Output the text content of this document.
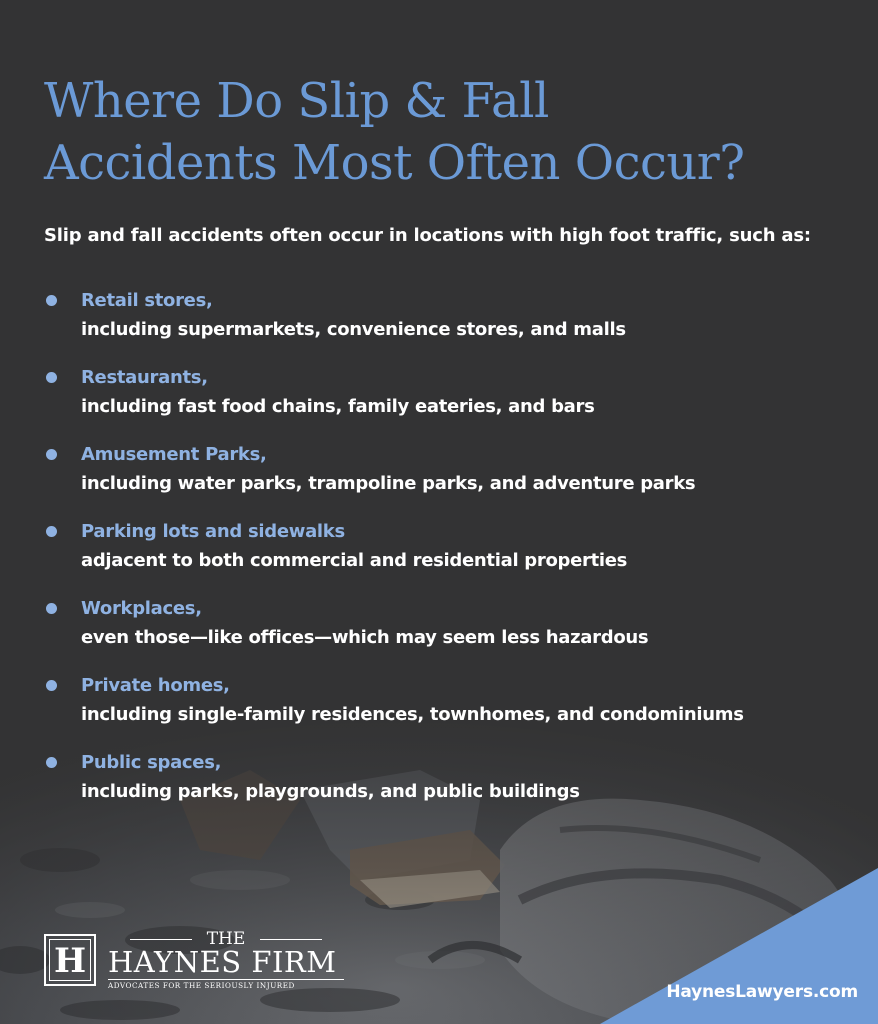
Where Do Slip & Fall
Accidents Most Often Occur?

Slip and fall accidents often occur in locations with high foot traffic, such as:

Retail stores,
including supermarkets, convenience stores, and malls
Restaurants,
including fast food chains, family eateries, and bars
Amusement Parks,
including water parks, trampoline parks, and adventure parks
Parking lots and sidewalks
adjacent to both commercial and residential properties
Workplaces,
even those—like offices—which may seem less hazardous
Private homes,
including single-family residences, townhomes, and condominiums
Public spaces,
including parks, playgrounds, and public buildings
H
THE
HAYNES FIRM
ADVOCATES FOR THE SERIOUSLY INJURED	HaynesLawyers.com
